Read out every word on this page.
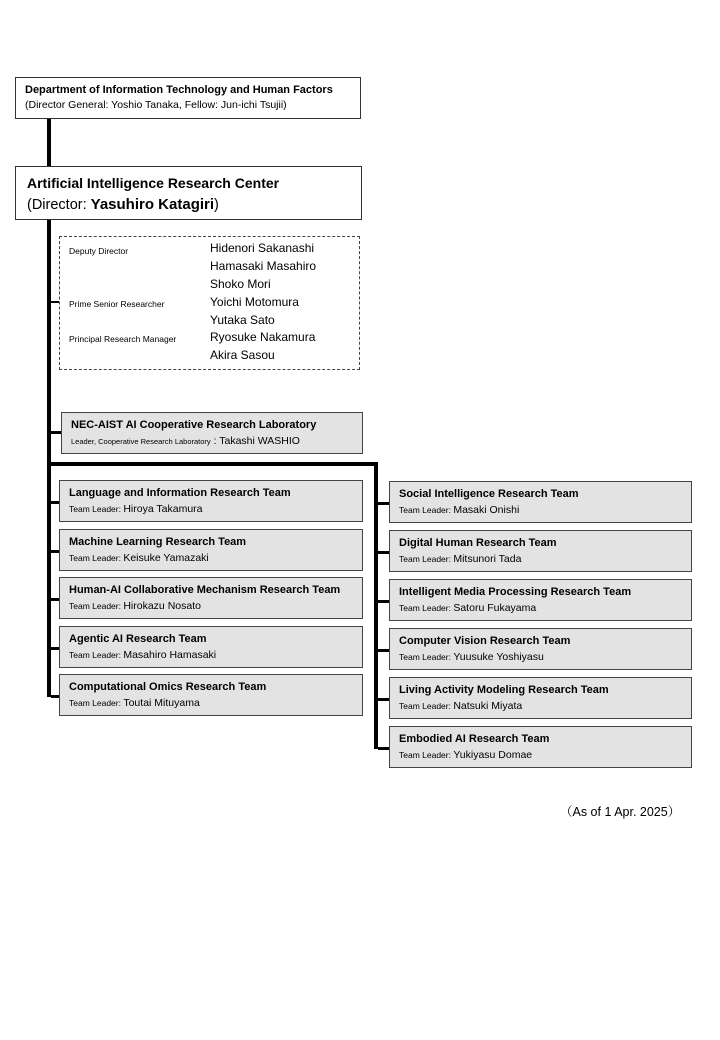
Department of Information Technology and Human Factors
(Director General: Yoshio Tanaka, Fellow: Jun-ichi Tsujii)
Artificial Intelligence Research Center
(Director: Yasuhiro Katagiri)
Deputy Director	Hidenori Sakanashi
Hamasaki Masahiro
Shoko Mori
Prime Senior Researcher	Yoichi Motomura
Yutaka Sato
Principal Research Manager	Ryosuke Nakamura
Akira Sasou
NEC-AIST AI Cooperative Research Laboratory
Leader, Cooperative Research Laboratory : Takashi WASHIO
Language and Information Research Team
Team Leader: Hiroya Takamura
Machine Learning Research Team
Team Leader: Keisuke Yamazaki
Human-AI Collaborative Mechanism Research Team
Team Leader: Hirokazu Nosato
Agentic AI Research Team
Team Leader: Masahiro Hamasaki
Computational Omics Research Team
Team Leader: Toutai Mituyama
Social Intelligence Research Team
Team Leader: Masaki Onishi
Digital Human Research Team
Team Leader: Mitsunori Tada
Intelligent Media Processing Research Team
Team Leader: Satoru Fukayama
Computer Vision Research Team
Team Leader: Yuusuke Yoshiyasu
Living Activity Modeling Research Team
Team Leader: Natsuki Miyata
Embodied AI Research Team
Team Leader: Yukiyasu Domae
（As of 1 Apr. 2025）
